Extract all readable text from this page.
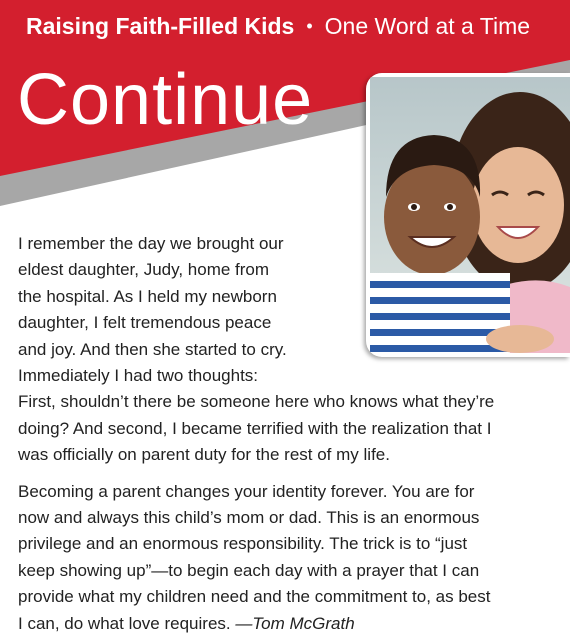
Raising Faith-Filled Kids • One Word at a Time
Continue
I remember the day we brought our
eldest daughter, Judy, home from
the hospital. As I held my newborn
daughter, I felt tremendous peace
and joy. And then she started to cry.
Immediately I had two thoughts:
First, shouldn’t there be someone here who knows what they’re
doing? And second, I became terrified with the realization that I
was officially on parent duty for the rest of my life.
Becoming a parent changes your identity forever. You are for
now and always this child’s mom or dad. This is an enormous
privilege and an enormous responsibility. The trick is to “just
keep showing up”—to begin each day with a prayer that I can
provide what my children need and the commitment to, as best
I can, do what love requires. —Tom McGrath
